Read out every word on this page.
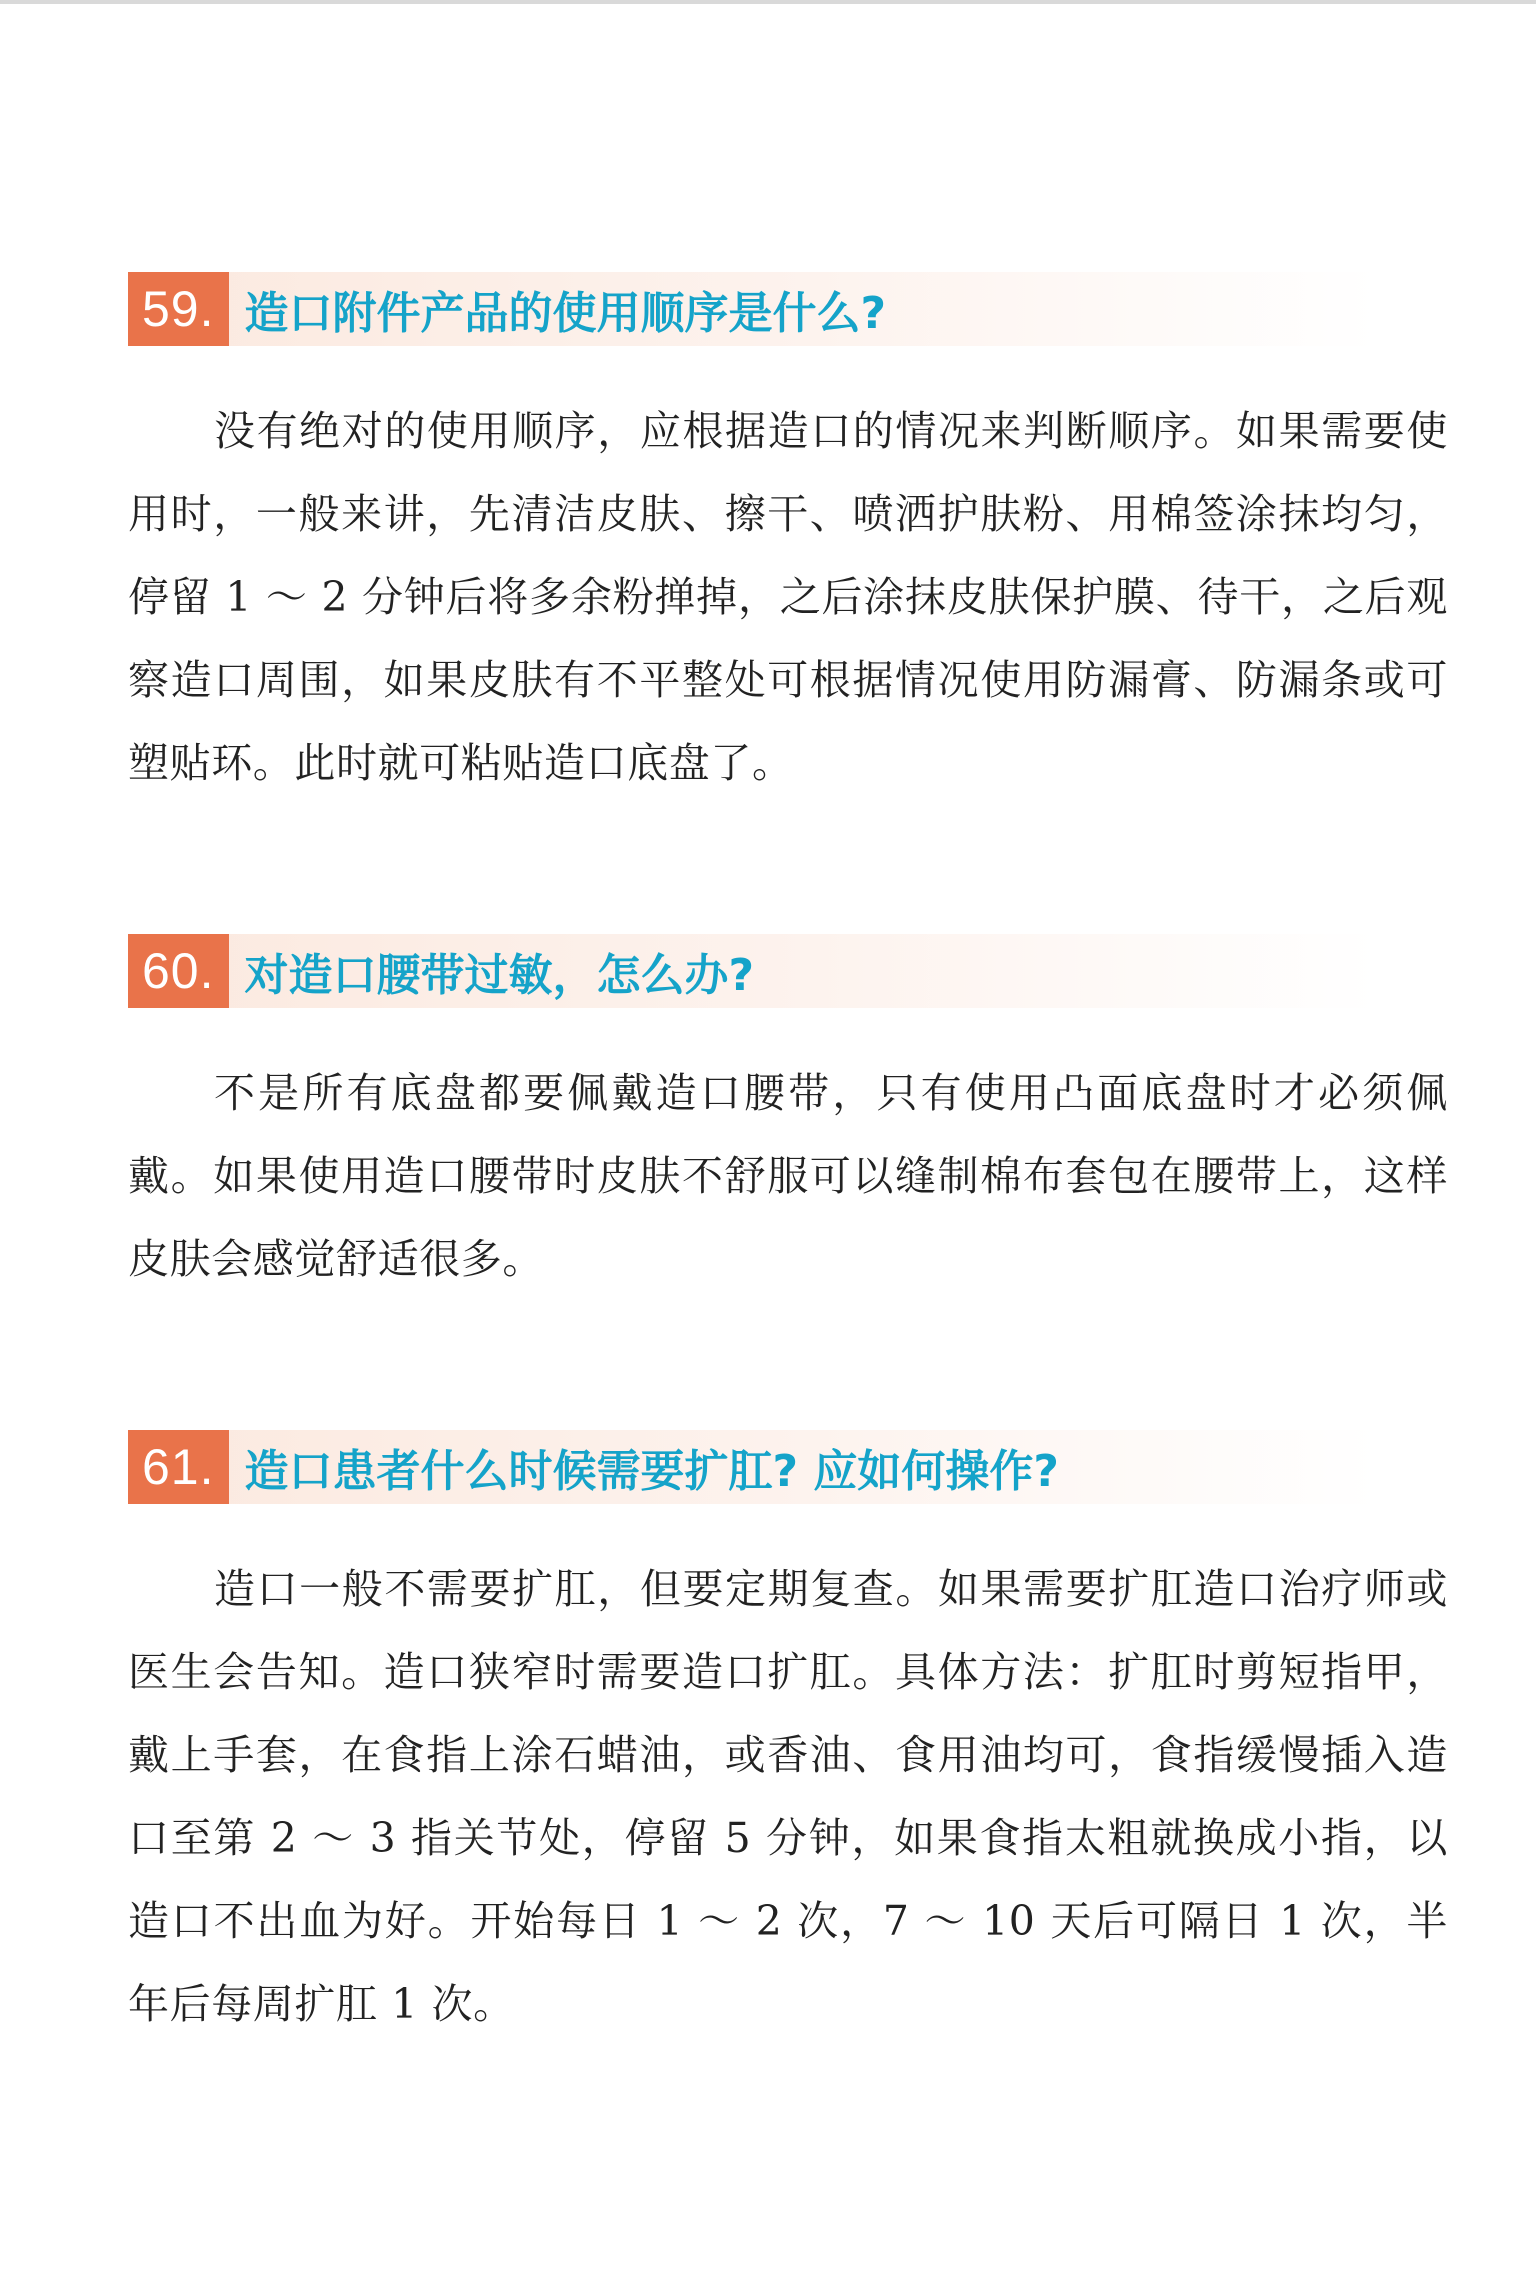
59. 造口附件产品的使用顺序是什么?

没有绝对的使用顺序，应根据造口的情况来判断顺序。如果需要使用时，一般来讲，先清洁皮肤、擦干、喷洒护肤粉、用棉签涂抹均匀，停留 1 ～ 2 分钟后将多余粉掸掉，之后涂抹皮肤保护膜、待干，之后观察造口周围，如果皮肤有不平整处可根据情况使用防漏膏、防漏条或可塑贴环。此时就可粘贴造口底盘了。

60. 对造口腰带过敏，怎么办?

不是所有底盘都要佩戴造口腰带，只有使用凸面底盘时才必须佩戴。如果使用造口腰带时皮肤不舒服可以缝制棉布套包在腰带上，这样皮肤会感觉舒适很多。

61. 造口患者什么时候需要扩肛? 应如何操作?

造口一般不需要扩肛，但要定期复查。如果需要扩肛造口治疗师或医生会告知。造口狭窄时需要造口扩肛。具体方法：扩肛时剪短指甲，戴上手套，在食指上涂石蜡油，或香油、食用油均可，食指缓慢插入造口至第 2 ～ 3 指关节处，停留 5 分钟，如果食指太粗就换成小指，以造口不出血为好。开始每日 1 ～ 2 次，7 ～ 10 天后可隔日 1 次，半年后每周扩肛 1 次。
